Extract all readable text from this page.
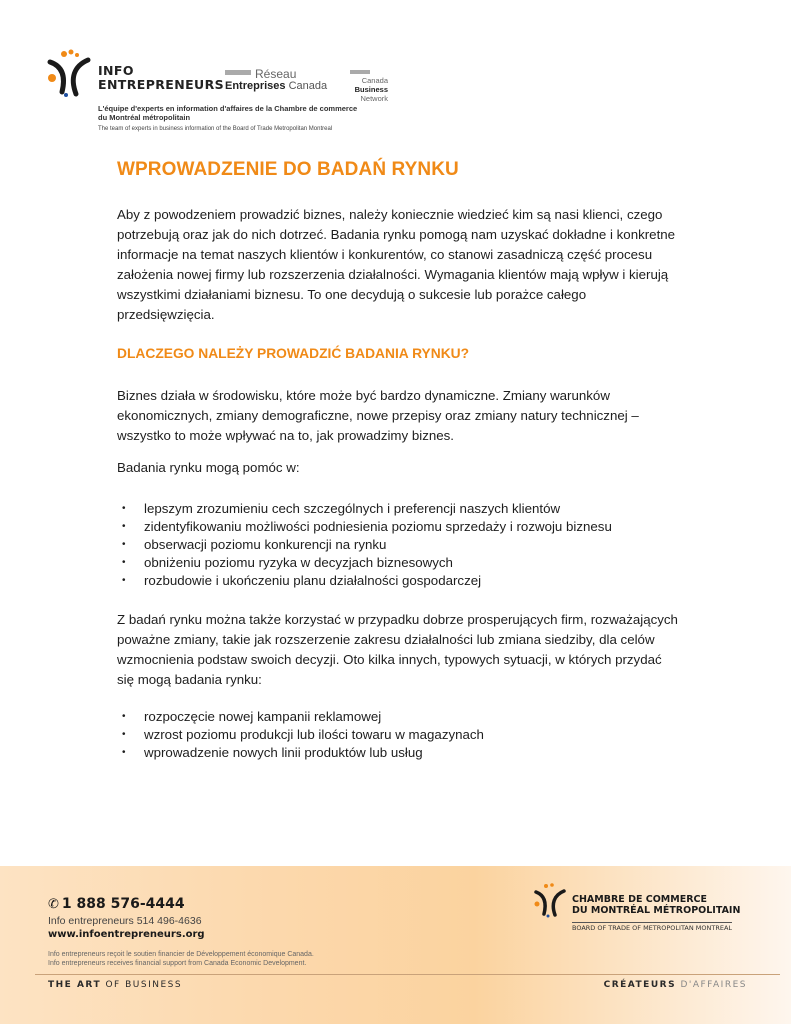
INFO
ENTREPRENEURS
Réseau
Entreprises Canada	Canada
Business
Network
L'équipe d'experts en information d'affaires de la Chambre de commerce du Montréal métropolitain
The team of experts in business information of the Board of Trade Metropolitan Montreal
WPROWADZENIE DO BADAŃ RYNKU

Aby z powodzeniem prowadzić biznes, należy koniecznie wiedzieć kim są nasi klienci, czego potrzebują oraz jak do nich dotrzeć. Badania rynku pomogą nam uzyskać dokładne i konkretne informacje na temat naszych klientów i konkurentów, co stanowi zasadniczą część procesu założenia nowej firmy lub rozszerzenia działalności. Wymagania klientów mają wpływ i kierują wszystkimi działaniami biznesu. To one decydują o sukcesie lub porażce całego przedsięwzięcia.

DLACZEGO NALEŻY PROWADZIĆ BADANIA RYNKU?

Biznes działa w środowisku, które może być bardzo dynamiczne. Zmiany warunków ekonomicznych, zmiany demograficzne, nowe przepisy oraz zmiany natury technicznej – wszystko to może wpływać na to, jak prowadzimy biznes.

Badania rynku mogą pomóc w:

• lepszym zrozumieniu cech szczególnych i preferencji naszych klientów
• zidentyfikowaniu możliwości podniesienia poziomu sprzedaży i rozwoju biznesu
• obserwacji poziomu konkurencji na rynku
• obniżeniu poziomu ryzyka w decyzjach biznesowych
• rozbudowie i ukończeniu planu działalności gospodarczej

Z badań rynku można także korzystać w przypadku dobrze prosperujących firm, rozważających poważne zmiany, takie jak rozszerzenie zakresu działalności lub zmiana siedziby, dla celów wzmocnienia podstaw swoich decyzji. Oto kilka innych, typowych sytuacji, w których przydać się mogą badania rynku:

• rozpoczęcie nowej kampanii reklamowej
• wzrost poziomu produkcji lub ilości towaru w magazynach
• wprowadzenie nowych linii produktów lub usług
✆ 1 888 576-4444
Info entrepreneurs 514 496-4636
www.infoentrepreneurs.org
Info entrepreneurs reçoit le soutien financier de Développement économique Canada.
Info entrepreneurs receives financial support from Canada Economic Development.
CHAMBRE DE COMMERCE
DU MONTRÉAL MÉTROPOLITAIN
BOARD OF TRADE OF METROPOLITAN MONTREAL
THE ART OF BUSINESS	CRÉATEURS D'AFFAIRES
